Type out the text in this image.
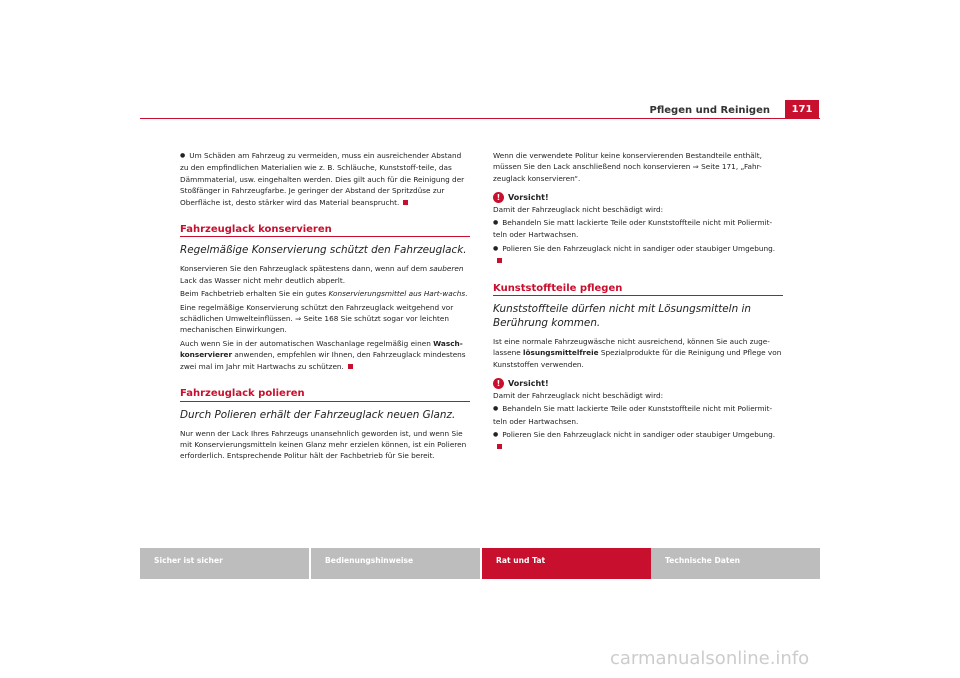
Pflegen und Reinigen	171

● Um Schäden am Fahrzeug zu vermeiden, muss ein ausreichender Abstand zu den empfindlichen Materialien wie z. B. Schläuche, Kunststoff-teile, das Dämmmaterial, usw. eingehalten werden. Dies gilt auch für die Reinigung der Stoßfänger in Fahrzeugfarbe. Je geringer der Abstand der Spritzdüse zur Oberfläche ist, desto stärker wird das Material beansprucht.

Fahrzeuglack konservieren
Regelmäßige Konservierung schützt den Fahrzeuglack.

Konservieren Sie den Fahrzeuglack spätestens dann, wenn auf dem sauberen Lack das Wasser nicht mehr deutlich abperlt.

Beim Fachbetrieb erhalten Sie ein gutes Konservierungsmittel aus Hart-wachs.

Eine regelmäßige Konservierung schützt den Fahrzeuglack weitgehend vor schädlichen Umwelteinflüssen. ⇒ Seite 168 Sie schützt sogar vor leichten mechanischen Einwirkungen.

Auch wenn Sie in der automatischen Waschanlage regelmäßig einen Wasch-konservierer anwenden, empfehlen wir Ihnen, den Fahrzeuglack mindestens zwei mal im Jahr mit Hartwachs zu schützen.

Fahrzeuglack polieren
Durch Polieren erhält der Fahrzeuglack neuen Glanz.

Nur wenn der Lack Ihres Fahrzeugs unansehnlich geworden ist, und wenn Sie mit Konservierungsmitteln keinen Glanz mehr erzielen können, ist ein Polieren erforderlich. Entsprechende Politur hält der Fachbetrieb für Sie bereit.

Wenn die verwendete Politur keine konservierenden Bestandteile enthält, müssen Sie den Lack anschließend noch konservieren ⇒ Seite 171, „Fahr-zeuglack konservieren“.

! Vorsicht!

Damit der Fahrzeuglack nicht beschädigt wird:

● Behandeln Sie matt lackierte Teile oder Kunststoffteile nicht mit Poliermit-teln oder Hartwachsen.

● Polieren Sie den Fahrzeuglack nicht in sandiger oder staubiger Umgebung.

Kunststoffteile pflegen
Kunststoffteile dürfen nicht mit Lösungsmitteln in Berührung kommen.

Ist eine normale Fahrzeugwäsche nicht ausreichend, können Sie auch zuge-lassene lösungsmittelfreie Spezialprodukte für die Reinigung und Pflege von Kunststoffen verwenden.

! Vorsicht!

Damit der Fahrzeuglack nicht beschädigt wird:

● Behandeln Sie matt lackierte Teile oder Kunststoffteile nicht mit Poliermit-teln oder Hartwachsen.

● Polieren Sie den Fahrzeuglack nicht in sandiger oder staubiger Umgebung.

Sicher ist sicher	Bedienungshinweise	Rat und Tat	Technische Daten
carmanualsonline.info
